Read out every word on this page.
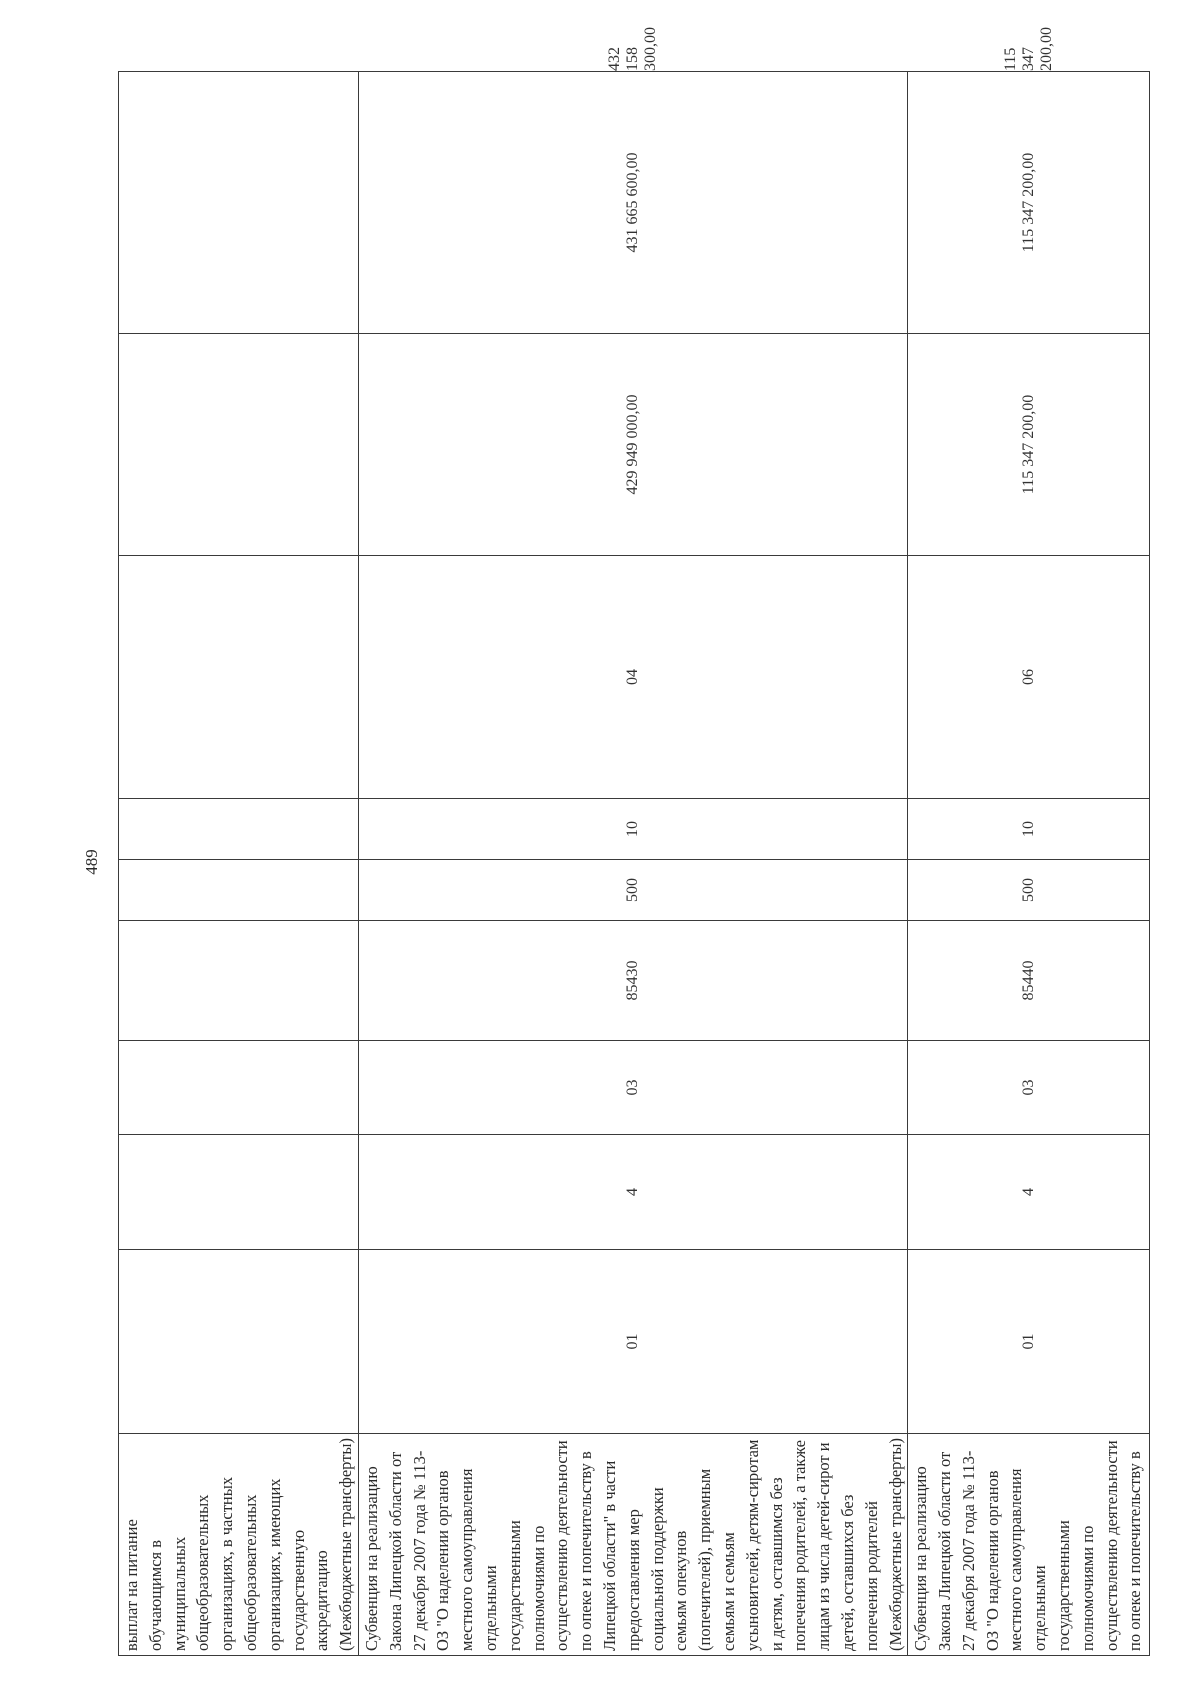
489
выплат на питание обучающимся в муниципальных общеобразовательных организациях, в частных общеобразовательных организациях, имеющих государственную аккредитацию (Межбюджетные трансферты)										
Субвенция на реализацию Закона Липецкой области от 27 декабря 2007 года № 113-ОЗ "О наделении органов местного самоуправления отдельными государственными полномочиями по осуществлению деятельности по опеке и попечительству в Липецкой области" в части предоставления мер социальной поддержки семьям опекунов (попечителей), приемным семьям и семьям усыновителей, детям-сиротам и детям, оставшимся без попечения родителей, а также лицам из числа детей-сирот и детей, оставшихся без попечения родителей (Межбюджетные трансферты)	01	4	03	85430	500	10	04	429 949 000,00	431 665 600,00	432 158 300,00
Субвенция на реализацию Закона Липецкой области от 27 декабря 2007 года № 113-ОЗ "О наделении органов местного самоуправления отдельными государственными полномочиями по осуществлению деятельности по опеке и попечительству в	01	4	03	85440	500	10	06	115 347 200,00	115 347 200,00	115 347 200,00
